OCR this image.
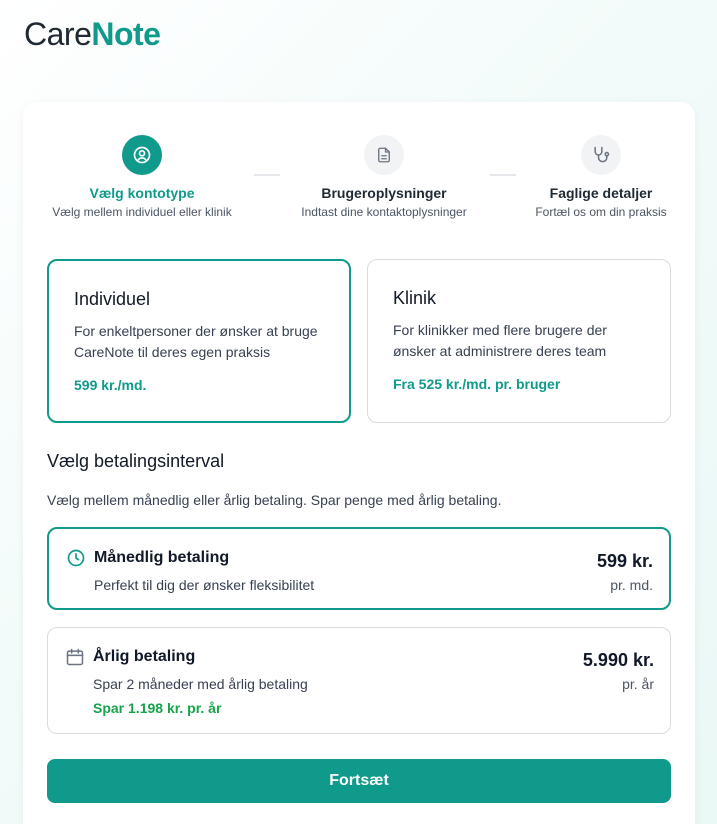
CareNote
Vælg kontotype
Vælg mellem individuel eller klinik
Brugeroplysninger
Indtast dine kontaktoplysninger
Faglige detaljer
Fortæl os om din praksis
Individuel
For enkeltpersoner der ønsker at bruge CareNote til deres egen praksis
599 kr./md.
Klinik
For klinikker med flere brugere der ønsker at administrere deres team
Fra 525 kr./md. pr. bruger
Vælg betalingsinterval
Vælg mellem månedlig eller årlig betaling. Spar penge med årlig betaling.
Månedlig betaling
Perfekt til dig der ønsker fleksibilitet
599 kr.
pr. md.
Årlig betaling
Spar 2 måneder med årlig betaling
Spar 1.198 kr. pr. år
5.990 kr.
pr. år
Fortsæt
